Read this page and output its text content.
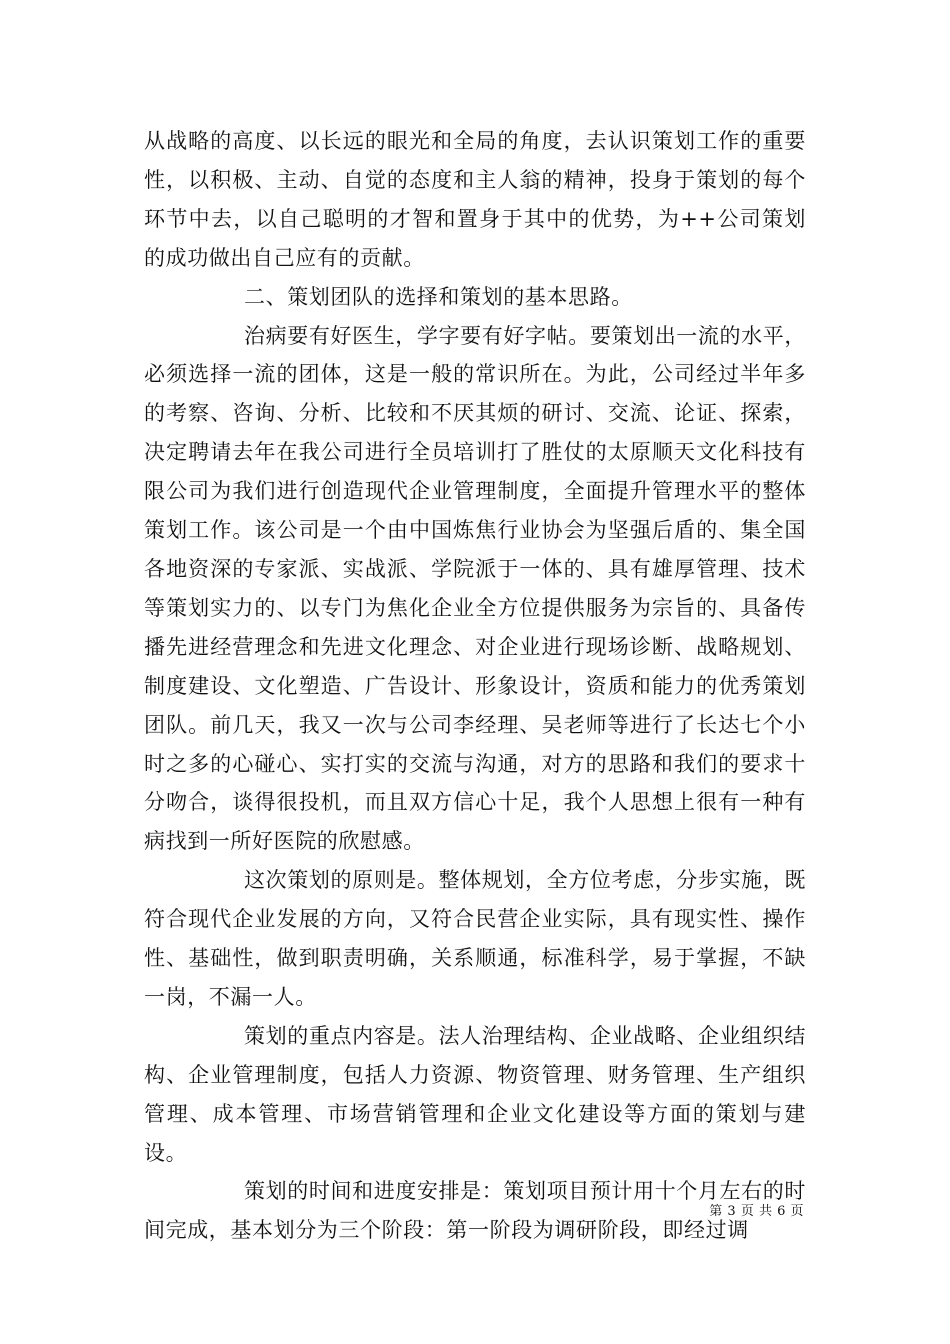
从战略的高度、以长远的眼光和全局的角度，去认识策划工作的重要性，以积极、主动、自觉的态度和主人翁的精神，投身于策划的每个环节中去，以自己聪明的才智和置身于其中的优势，为++公司策划的成功做出自己应有的贡献。

二、策划团队的选择和策划的基本思路。

治病要有好医生，学字要有好字帖。要策划出一流的水平，必须选择一流的团体，这是一般的常识所在。为此，公司经过半年多的考察、咨询、分析、比较和不厌其烦的研讨、交流、论证、探索，决定聘请去年在我公司进行全员培训打了胜仗的太原顺天文化科技有限公司为我们进行创造现代企业管理制度，全面提升管理水平的整体策划工作。该公司是一个由中国炼焦行业协会为坚强后盾的、集全国各地资深的专家派、实战派、学院派于一体的、具有雄厚管理、技术等策划实力的、以专门为焦化企业全方位提供服务为宗旨的、具备传播先进经营理念和先进文化理念、对企业进行现场诊断、战略规划、制度建设、文化塑造、广告设计、形象设计，资质和能力的优秀策划团队。前几天，我又一次与公司李经理、吴老师等进行了长达七个小时之多的心碰心、实打实的交流与沟通，对方的思路和我们的要求十分吻合，谈得很投机，而且双方信心十足，我个人思想上很有一种有病找到一所好医院的欣慰感。

这次策划的原则是。整体规划，全方位考虑，分步实施，既符合现代企业发展的方向，又符合民营企业实际，具有现实性、操作性、基础性，做到职责明确，关系顺通，标准科学，易于掌握，不缺一岗，不漏一人。

策划的重点内容是。法人治理结构、企业战略、企业组织结构、企业管理制度，包括人力资源、物资管理、财务管理、生产组织管理、成本管理、市场营销管理和企业文化建设等方面的策划与建设。

策划的时间和进度安排是：策划项目预计用十个月左右的时间完成，基本划分为三个阶段：第一阶段为调研阶段，即经过调

第 3 页 共 6 页
